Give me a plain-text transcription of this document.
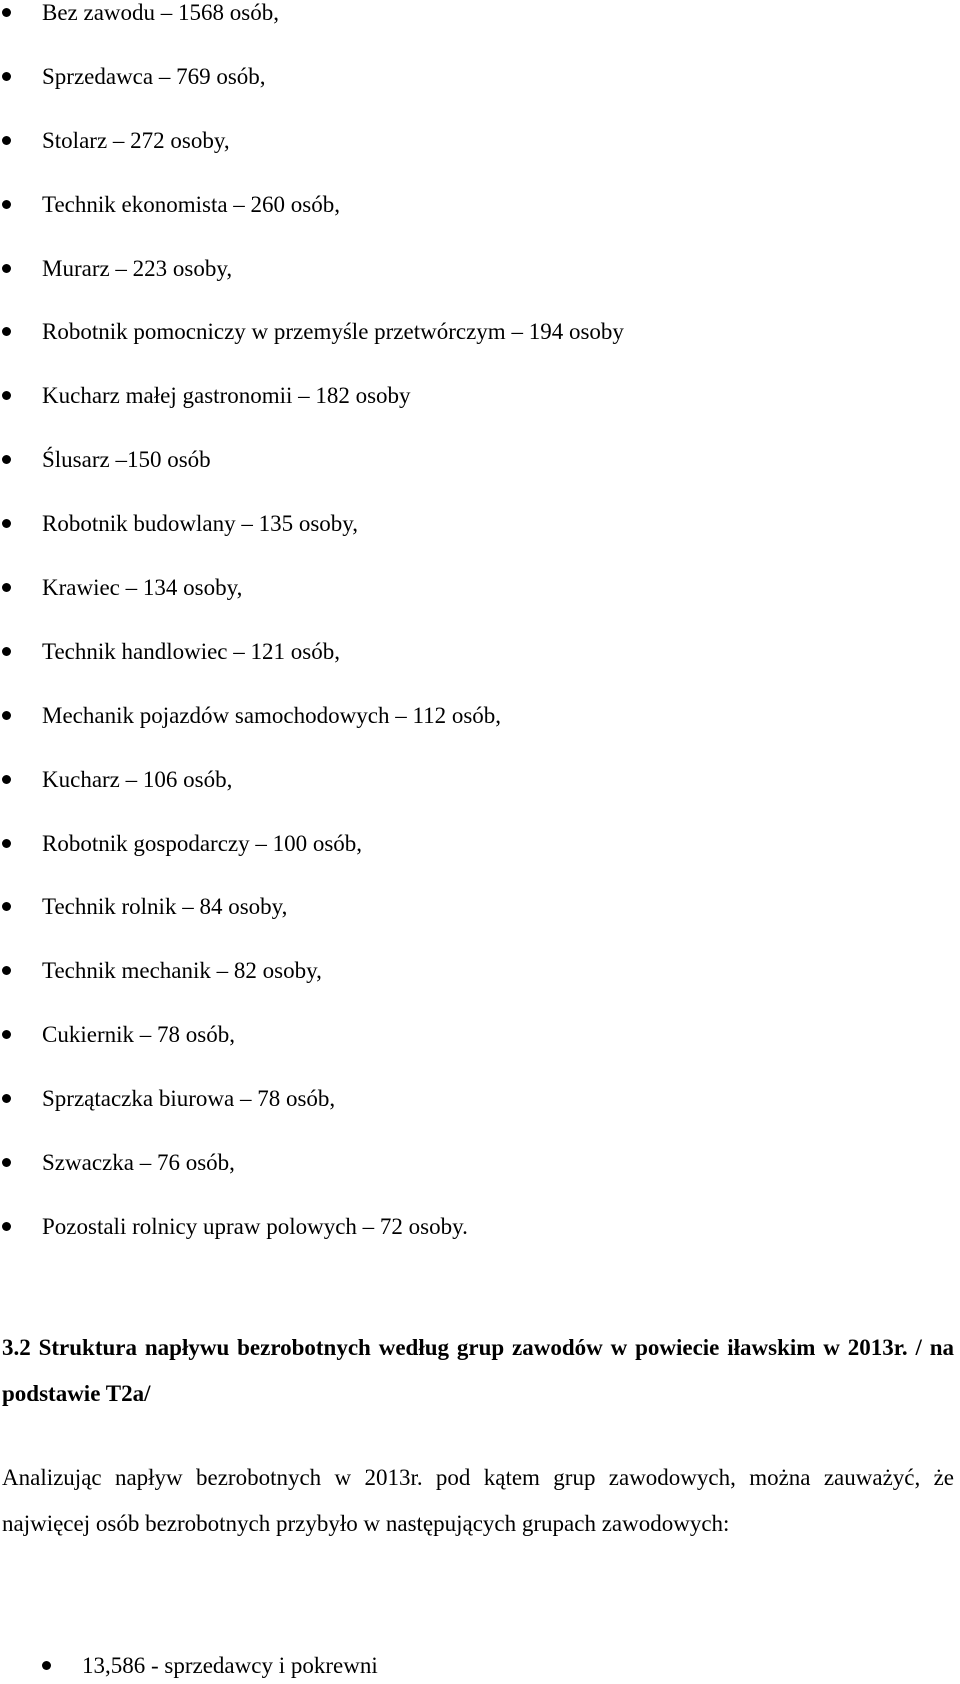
Bez zawodu – 1568 osób,
Sprzedawca – 769 osób,
Stolarz – 272 osoby,
Technik ekonomista – 260 osób,
Murarz – 223 osoby,
Robotnik pomocniczy w przemyśle przetwórczym – 194 osoby
Kucharz małej gastronomii – 182 osoby
Ślusarz –150 osób
Robotnik budowlany – 135 osoby,
Krawiec – 134 osoby,
Technik handlowiec – 121 osób,
Mechanik pojazdów samochodowych – 112 osób,
Kucharz – 106 osób,
Robotnik gospodarczy – 100 osób,
Technik rolnik – 84 osoby,
Technik mechanik – 82 osoby,
Cukiernik – 78 osób,
Sprzątaczka biurowa – 78 osób,
Szwaczka – 76 osób,
Pozostali rolnicy upraw polowych – 72 osoby.
3.2 Struktura napływu bezrobotnych według grup zawodów w powiecie iławskim w 2013r. / na podstawie T2a/
Analizując napływ bezrobotnych w 2013r. pod kątem grup zawodowych, można zauważyć, że najwięcej osób bezrobotnych przybyło w następujących grupach zawodowych:
13,586 - sprzedawcy i pokrewni
